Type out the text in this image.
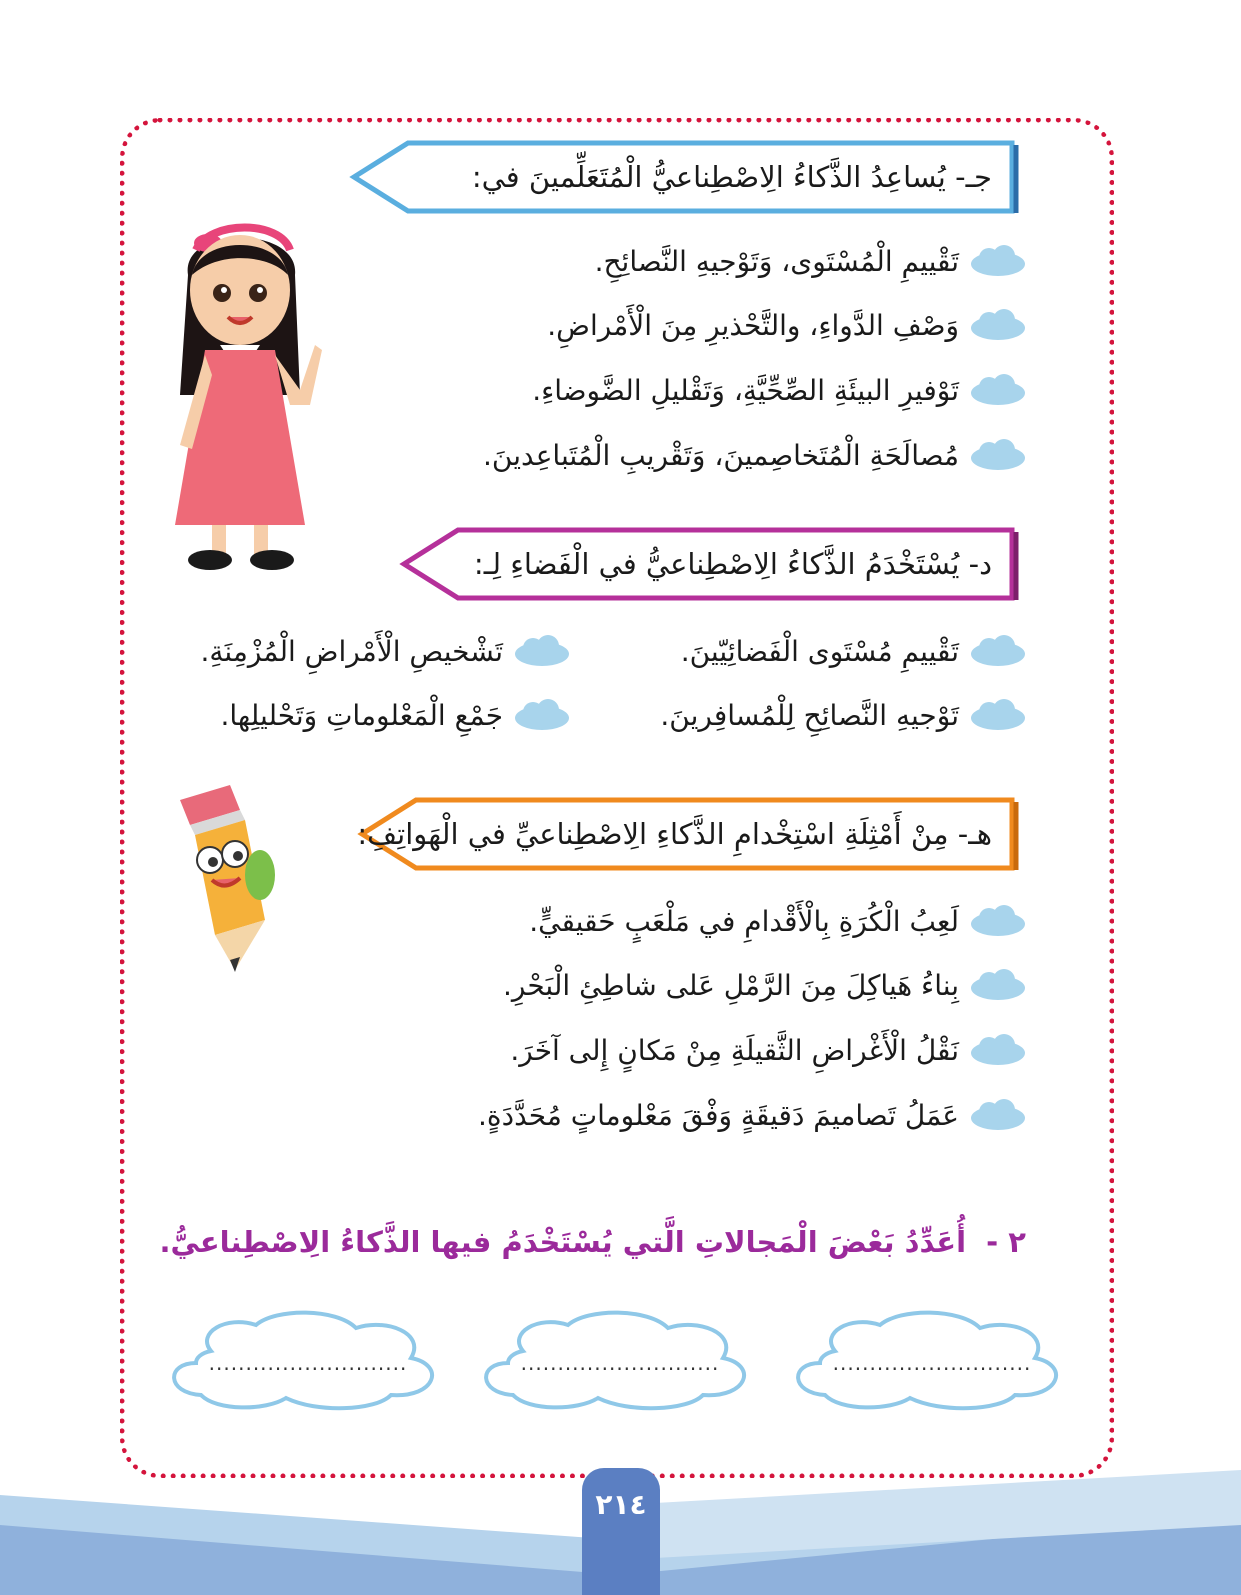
جـ- يُساعِدُ الذَّكاءُ الِاصْطِناعيُّ الْمُتَعَلِّمينَ في:
تَقْييمِ الْمُسْتَوى، وَتَوْجيهِ النَّصائِحِ.
وَصْفِ الدَّواءِ، والتَّحْذيرِ مِنَ الْأَمْراضِ.
تَوْفيرِ البيئَةِ الصِّحِّيَّةِ، وَتَقْليلِ الضَّوضاءِ.
مُصالَحَةِ الْمُتَخاصِمينَ، وَتَقْريبِ الْمُتَباعِدينَ.
د- يُسْتَخْدَمُ الذَّكاءُ الِاصْطِناعيُّ في الْفَضاءِ لِـ:
تَقْييمِ مُسْتَوى الْفَضائِيّينَ.
تَوْجيهِ النَّصائِحِ لِلْمُسافِرينَ.
تَشْخيصِ الْأَمْراضِ الْمُزْمِنَةِ.
جَمْعِ الْمَعْلوماتِ وَتَحْليلِها.
هـ- مِنْ أَمْثِلَةِ اسْتِخْدامِ الذَّكاءِ الِاصْطِناعيِّ في الْهَواتِفِ:
لَعِبُ الْكُرَةِ بِالْأَقْدامِ في مَلْعَبٍ حَقيقيٍّ.
بِناءُ هَياكِلَ مِنَ الرَّمْلِ عَلى شاطِئِ الْبَحْرِ.
نَقْلُ الْأَغْراضِ الثَّقيلَةِ مِنْ مَكانٍ إِلى آخَرَ.
عَمَلُ تَصاميمَ دَقيقَةٍ وَفْقَ مَعْلوماتٍ مُحَدَّدَةٍ.
٢ - أُعَدِّدُ بَعْضَ الْمَجالاتِ الَّتي يُسْتَخْدَمُ فيها الذَّكاءُ الِاصْطِناعيُّ.
...........................
...........................
...........................
٢١٤
